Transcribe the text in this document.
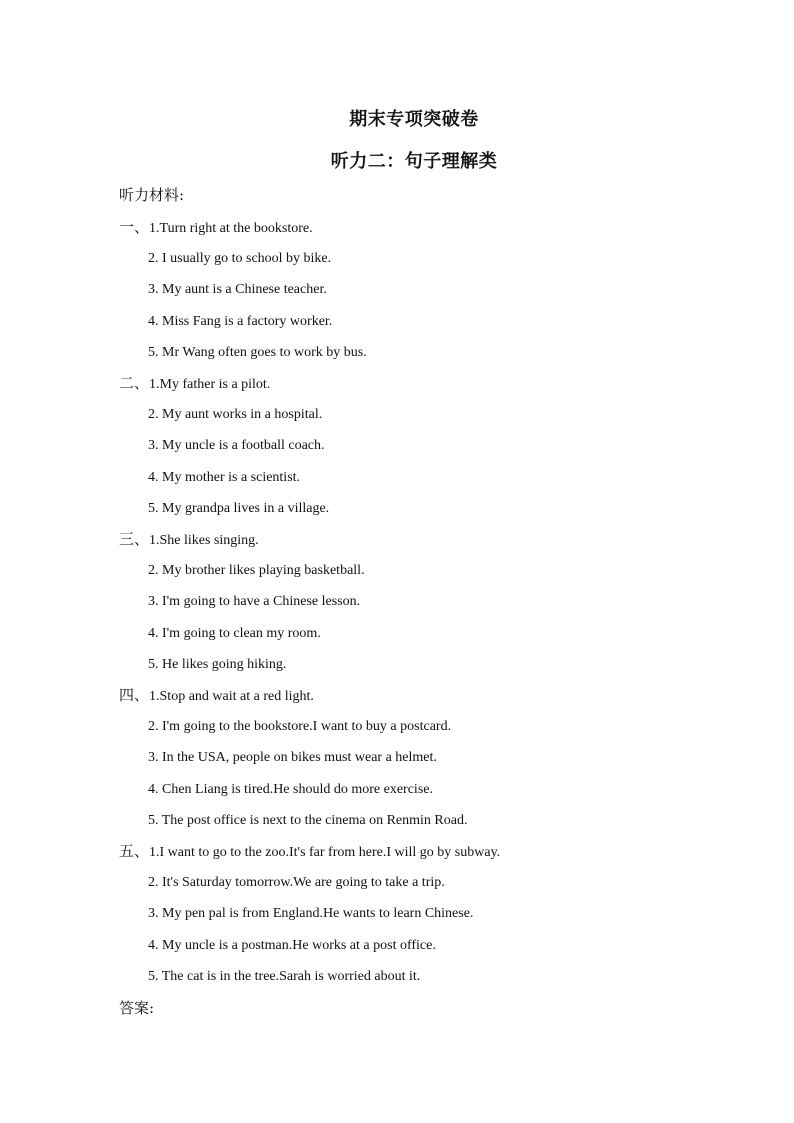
期末专项突破卷
听力二：句子理解类
听力材料:
一、1.Turn right at the bookstore.
2. I usually go to school by bike.
3. My aunt is a Chinese teacher.
4. Miss Fang is a factory worker.
5. Mr Wang often goes to work by bus.
二、1.My father is a pilot.
2. My aunt works in a hospital.
3. My uncle is a football coach.
4. My mother is a scientist.
5. My grandpa lives in a village.
三、1.She likes singing.
2. My brother likes playing basketball.
3. I'm going to have a Chinese lesson.
4. I'm going to clean my room.
5. He likes going hiking.
四、1.Stop and wait at a red light.
2. I'm going to the bookstore.I want to buy a postcard.
3. In the USA, people on bikes must wear a helmet.
4. Chen Liang is tired.He should do more exercise.
5. The post office is next to the cinema on Renmin Road.
五、1.I want to go to the zoo.It's far from here.I will go by subway.
2. It's Saturday tomorrow.We are going to take a trip.
3. My pen pal is from England.He wants to learn Chinese.
4. My uncle is a postman.He works at a post office.
5. The cat is in the tree.Sarah is worried about it.
答案:
